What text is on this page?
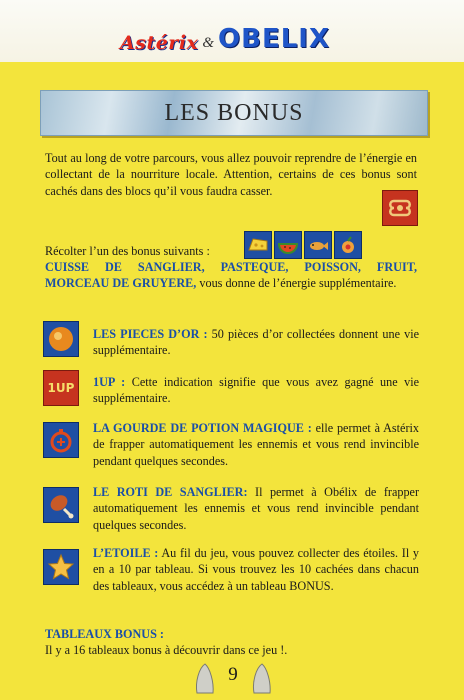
Astérix & OBELIX
LES BONUS
Tout au long de votre parcours, vous allez pouvoir reprendre de l’énergie en collectant de la nourriture locale. Attention, certains de ces bonus sont cachés dans des blocs qu’il vous faudra casser.
Récolter l’un des bonus suivants :
CUISSE DE SANGLIER, PASTEQUE, POISSON, FRUIT, MORCEAU DE GRUYERE, vous donne de l’énergie supplémentaire.
LES PIECES D’OR : 50 pièces d’or collectées donnent une vie supplémentaire.
1UP 1UP : Cette indication signifie que vous avez gagné une vie supplémentaire.
LA GOURDE DE POTION MAGIQUE : elle permet à Astérix de frapper automatiquement les ennemis et vous rend invincible pendant quelques secondes.
LE ROTI DE SANGLIER: Il permet à Obélix de frapper automatiquement les ennemis et vous rend invincible pendant quelques secondes.
L’ETOILE : Au fil du jeu, vous pouvez collecter des étoiles. Il y en a 10 par tableau. Si vous trouvez les 10 cachées dans chacun des tableaux, vous accédez à un tableau BONUS.
TABLEAUX BONUS :
Il y a 16 tableaux bonus à découvrir dans ce jeu !.
9
